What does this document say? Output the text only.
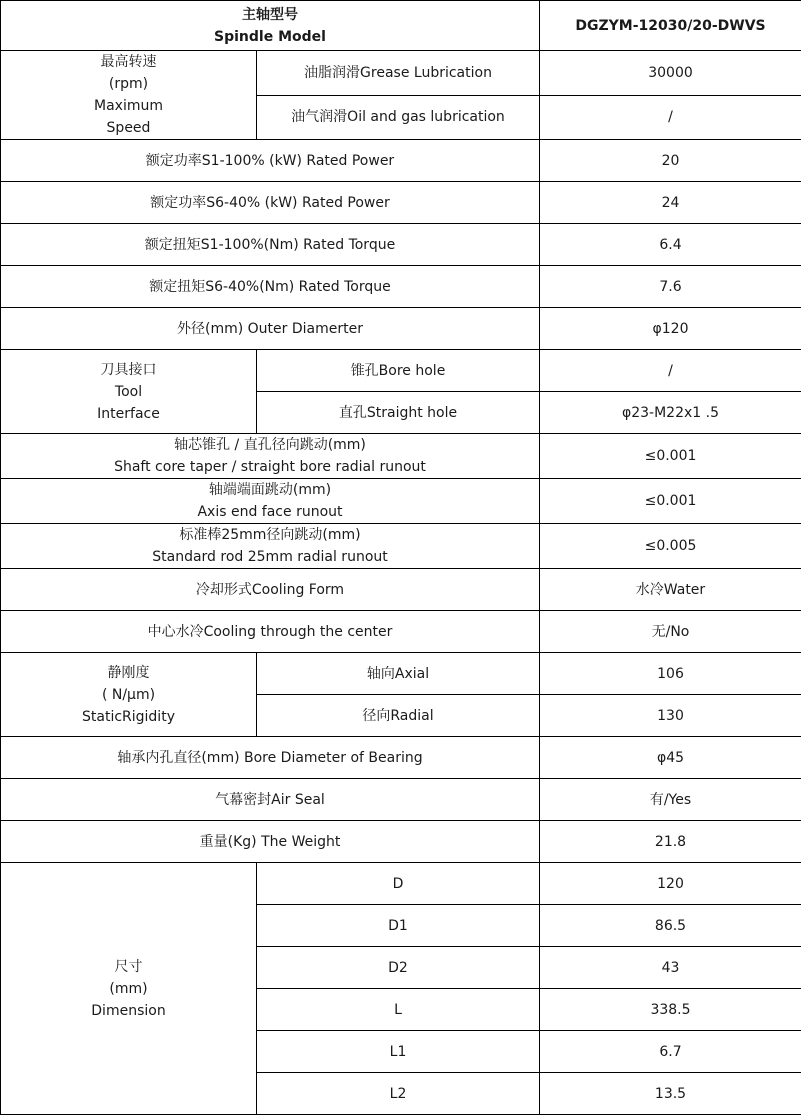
主轴型号
Spindle Model		DGZYM-12030/20-DWVS

最高转速
(rpm)
Maximum
Speed	油脂润滑Grease Lubrication	30000
	油气润滑Oil and gas lubrication	/
额定功率S1-100% (kW) Rated Power		20
额定功率S6-40% (kW) Rated Power		24
额定扭矩S1-100%(Nm) Rated Torque		6.4
额定扭矩S6-40%(Nm) Rated Torque		7.6
外径(mm) Outer Diamerter		φ120

刀具接口
Tool
Interface	锥孔Bore hole	/
	直孔Straight hole	φ23-M22x1 .5

轴芯锥孔 / 直孔径向跳动(mm)
Shaft core taper / straight bore radial runout		≤0.001

轴端端面跳动(mm)
Axis end face runout		≤0.001

标准棒25mm径向跳动(mm)
Standard rod 25mm radial runout		≤0.005
冷却形式Cooling Form		水冷Water
中心水冷Cooling through the center		无/No

静刚度
( N/μm)
StaticRigidity	轴向Axial	106
	径向Radial	130
轴承内孔直径(mm) Bore Diameter of Bearing		φ45
气幕密封Air Seal		有/Yes
重量(Kg) The Weight		21.8

尺寸
(mm)
Dimension	D	120
	D1	86.5
	D2	43
	L	338.5
	L1	6.7
	L2	13.5
